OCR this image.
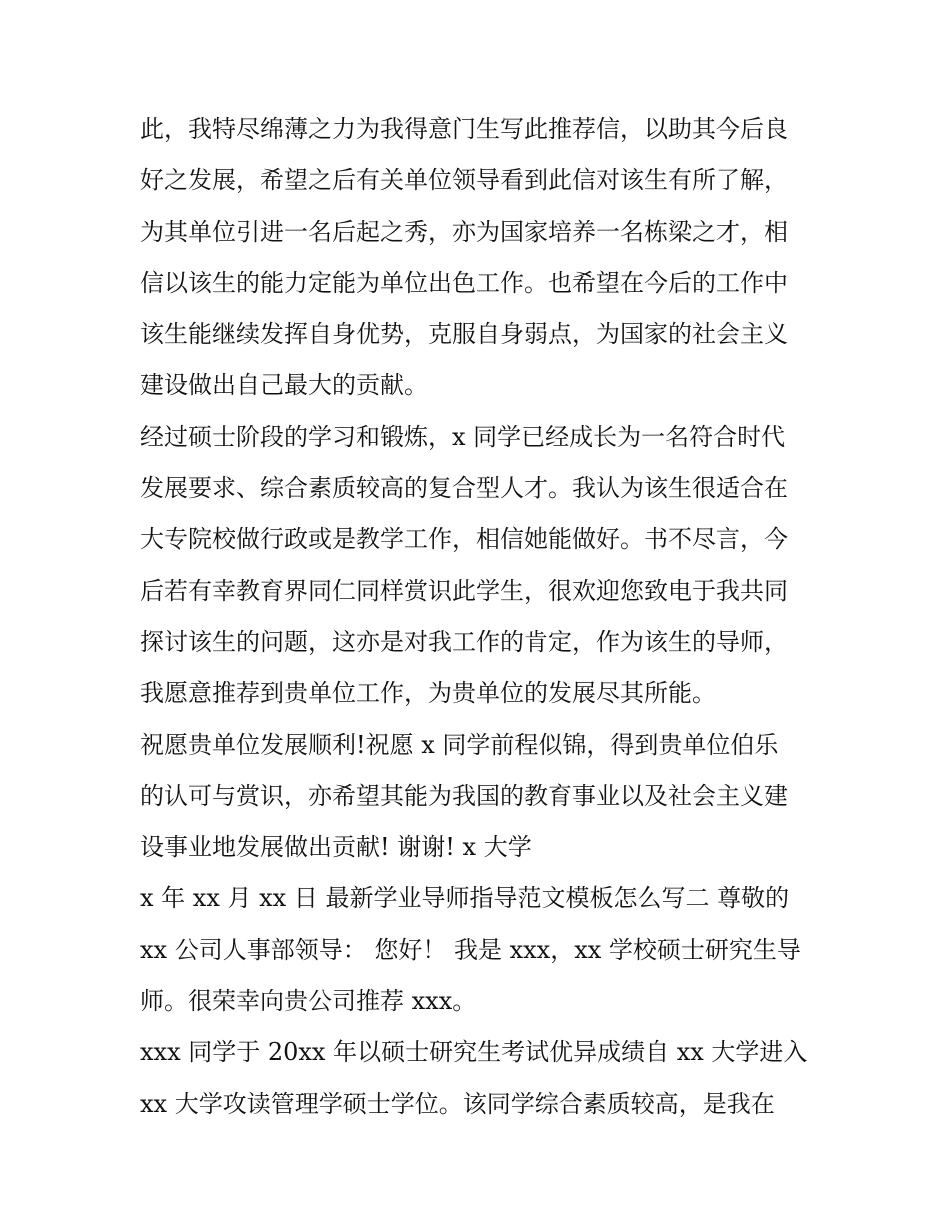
此，我特尽绵薄之力为我得意门生写此推荐信，以助其今后良
好之发展，希望之后有关单位领导看到此信对该生有所了解，
为其单位引进一名后起之秀，亦为国家培养一名栋梁之才，相
信以该生的能力定能为单位出色工作。也希望在今后的工作中
该生能继续发挥自身优势，克服自身弱点，为国家的社会主义
建设做出自己最大的贡献。
经过硕士阶段的学习和锻炼，x 同学已经成长为一名符合时代
发展要求、综合素质较高的复合型人才。我认为该生很适合在
大专院校做行政或是教学工作，相信她能做好。书不尽言，今
后若有幸教育界同仁同样赏识此学生，很欢迎您致电于我共同
探讨该生的问题，这亦是对我工作的肯定，作为该生的导师，
我愿意推荐到贵单位工作，为贵单位的发展尽其所能。
祝愿贵单位发展顺利!祝愿 x 同学前程似锦，得到贵单位伯乐
的认可与赏识，亦希望其能为我国的教育事业以及社会主义建
设事业地发展做出贡献! 谢谢! x 大学
x 年 xx 月 xx 日 最新学业导师指导范文模板怎么写二 尊敬的
xx 公司人事部领导： 您好！ 我是 xxx，xx 学校硕士研究生导
师。很荣幸向贵公司推荐 xxx。
xxx 同学于 20xx 年以硕士研究生考试优异成绩自 xx 大学进入
xx 大学攻读管理学硕士学位。该同学综合素质较高，是我在
